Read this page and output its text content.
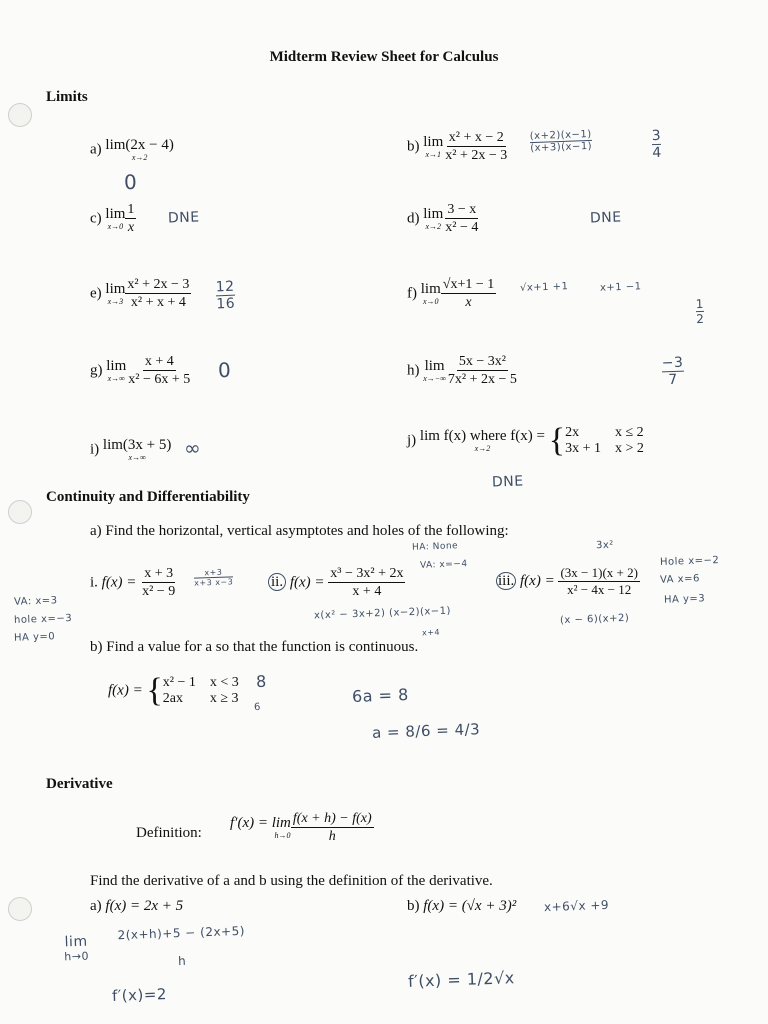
Midterm Review Sheet for Calculus
Limits
a) lim(2x − 4)
x→2
0
b) lim
$x\to 1 \frac{\text{x² + x − 2}}{\text{x² + 2x − 3}} \frac{(x+2)(x-1)}{(x+3)(x-1)}$	$\frac{3}{4}$
c) lim
$x\to 0 \frac{1}{x}$ DNE	d) lim
$x\to 2 \frac{3 - x}{\text{x² − 4}}$	DNE
e) lim
$x\to 3 \frac{\text{x² + 2x − 3}}{\text{x² + x + 4}} \frac{12}{16}$	f) lim
$x\to 0 \frac{√x+1 - 1}{x} √x+1 +1$	x+1 −1
$\frac{1}{2}$
g) lim
$x\to\infty \frac{x + 4}{\text{x² − 6x + 5}} 0$	h) lim
$x\to-\infty \frac{\text{5x − 3x²}}{\text{7x² + 2x − 5}}$	$\frac{-3}{7}$
i) lim(3x + 5)
x→∞ ∞	j) lim f(x) where f(x) =
x→2 { 2x	x ≤ 2
3x + 1 x > 2
DNE
Continuity and Differentiability
a) Find the horizontal, vertical asymptotes and holes of the following:
i. $f(x) = \frac{x + 3}{\text{x² − 9}} \frac{x+3}{x+3 x-3}$
VA: x=3
hole x=−3
HA y=0
ii. $f(x) = \frac{\text{x³ − 3x² + 2x}}{x + 4}$
HA: None
VA: x=−4
x(x² − 3x+2) (x−2)(x−1)
x+4
iii. $f(x) = \frac{(3x - 1)(x + 2)}{\text{x² − 4x − 12}}$
3x²
Hole x=−2
VA x=6
HA y=3
(x − 6)(x+2)
b) Find a value for a so that the function is continuous.
f(x) = { x² − 1 x < 3
2ax	x ≥ 3
8
6
6a = 8
a = 8/6 = 4/3
Derivative
Definition:
f′(x) = lim
$h\to 0 \frac{f(x + h) - f(x)}{h}$
Find the derivative of a and b using the definition of the derivative.
a) f(x) = 2x + 5	b) f(x) = (√x + 3)² x+6√x +9
lim
h→0
2(x+h)+5 − (2x+5)
h
f′(x)=2
f′(x) = 1/2√x
